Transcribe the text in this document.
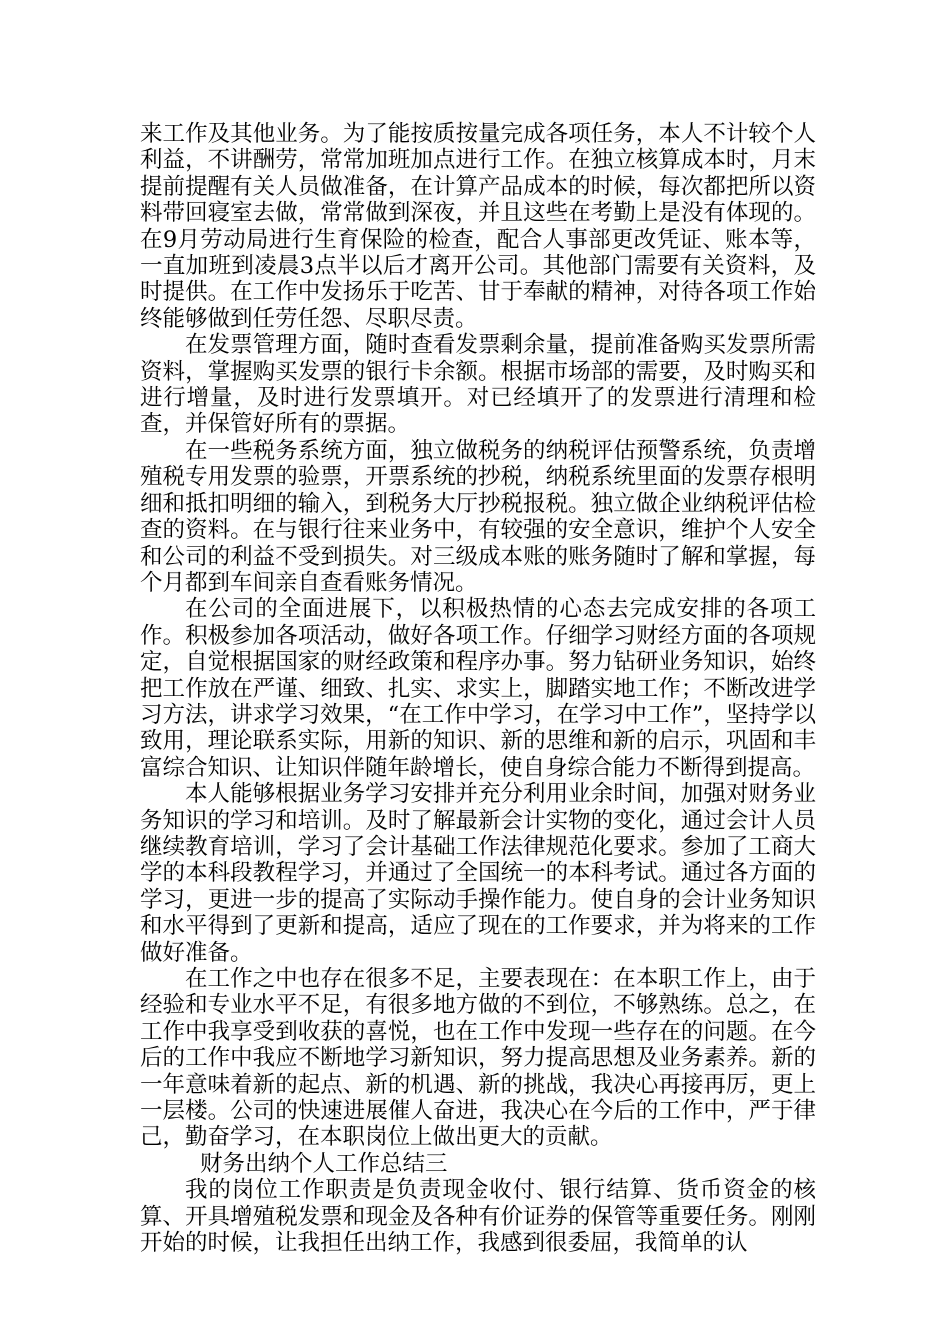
来工作及其他业务。为了能按质按量完成各项任务，本人不计较个人利益，不讲酬劳，常常加班加点进行工作。在独立核算成本时，月末提前提醒有关人员做准备，在计算产品成本的时候，每次都把所以资料带回寝室去做，常常做到深夜，并且这些在考勤上是没有体现的。在9月劳动局进行生育保险的检查，配合人事部更改凭证、账本等，一直加班到凌晨3点半以后才离开公司。其他部门需要有关资料，及时提供。在工作中发扬乐于吃苦、甘于奉献的精神，对待各项工作始终能够做到任劳任怨、尽职尽责。

在发票管理方面，随时查看发票剩余量，提前准备购买发票所需资料，掌握购买发票的银行卡余额。根据市场部的需要，及时购买和进行增量，及时进行发票填开。对已经填开了的发票进行清理和检查，并保管好所有的票据。

在一些税务系统方面，独立做税务的纳税评估预警系统，负责增殖税专用发票的验票，开票系统的抄税，纳税系统里面的发票存根明细和抵扣明细的输入，到税务大厅抄税报税。独立做企业纳税评估检查的资料。在与银行往来业务中，有较强的安全意识，维护个人安全和公司的利益不受到损失。对三级成本账的账务随时了解和掌握，每个月都到车间亲自查看账务情况。

在公司的全面进展下，以积极热情的心态去完成安排的各项工作。积极参加各项活动，做好各项工作。仔细学习财经方面的各项规定，自觉根据国家的财经政策和程序办事。努力钻研业务知识，始终把工作放在严谨、细致、扎实、求实上，脚踏实地工作；不断改进学习方法，讲求学习效果，“在工作中学习，在学习中工作”，坚持学以致用，理论联系实际，用新的知识、新的思维和新的启示，巩固和丰富综合知识、让知识伴随年龄增长，使自身综合能力不断得到提高。

本人能够根据业务学习安排并充分利用业余时间，加强对财务业务知识的学习和培训。及时了解最新会计实物的变化，通过会计人员继续教育培训，学习了会计基础工作法律规范化要求。参加了工商大学的本科段教程学习，并通过了全国统一的本科考试。通过各方面的学习，更进一步的提高了实际动手操作能力。使自身的会计业务知识和水平得到了更新和提高，适应了现在的工作要求，并为将来的工作做好准备。

在工作之中也存在很多不足，主要表现在：在本职工作上，由于经验和专业水平不足，有很多地方做的不到位，不够熟练。总之，在工作中我享受到收获的喜悦，也在工作中发现一些存在的问题。在今后的工作中我应不断地学习新知识，努力提高思想及业务素养。新的一年意味着新的起点、新的机遇、新的挑战，我决心再接再厉，更上一层楼。公司的快速进展催人奋进，我决心在今后的工作中，严于律己，勤奋学习，在本职岗位上做出更大的贡献。

财务出纳个人工作总结三

我的岗位工作职责是负责现金收付、银行结算、货币资金的核算、开具增殖税发票和现金及各种有价证券的保管等重要任务。刚刚开始的时候，让我担任出纳工作，我感到很委屈，我简单的认
